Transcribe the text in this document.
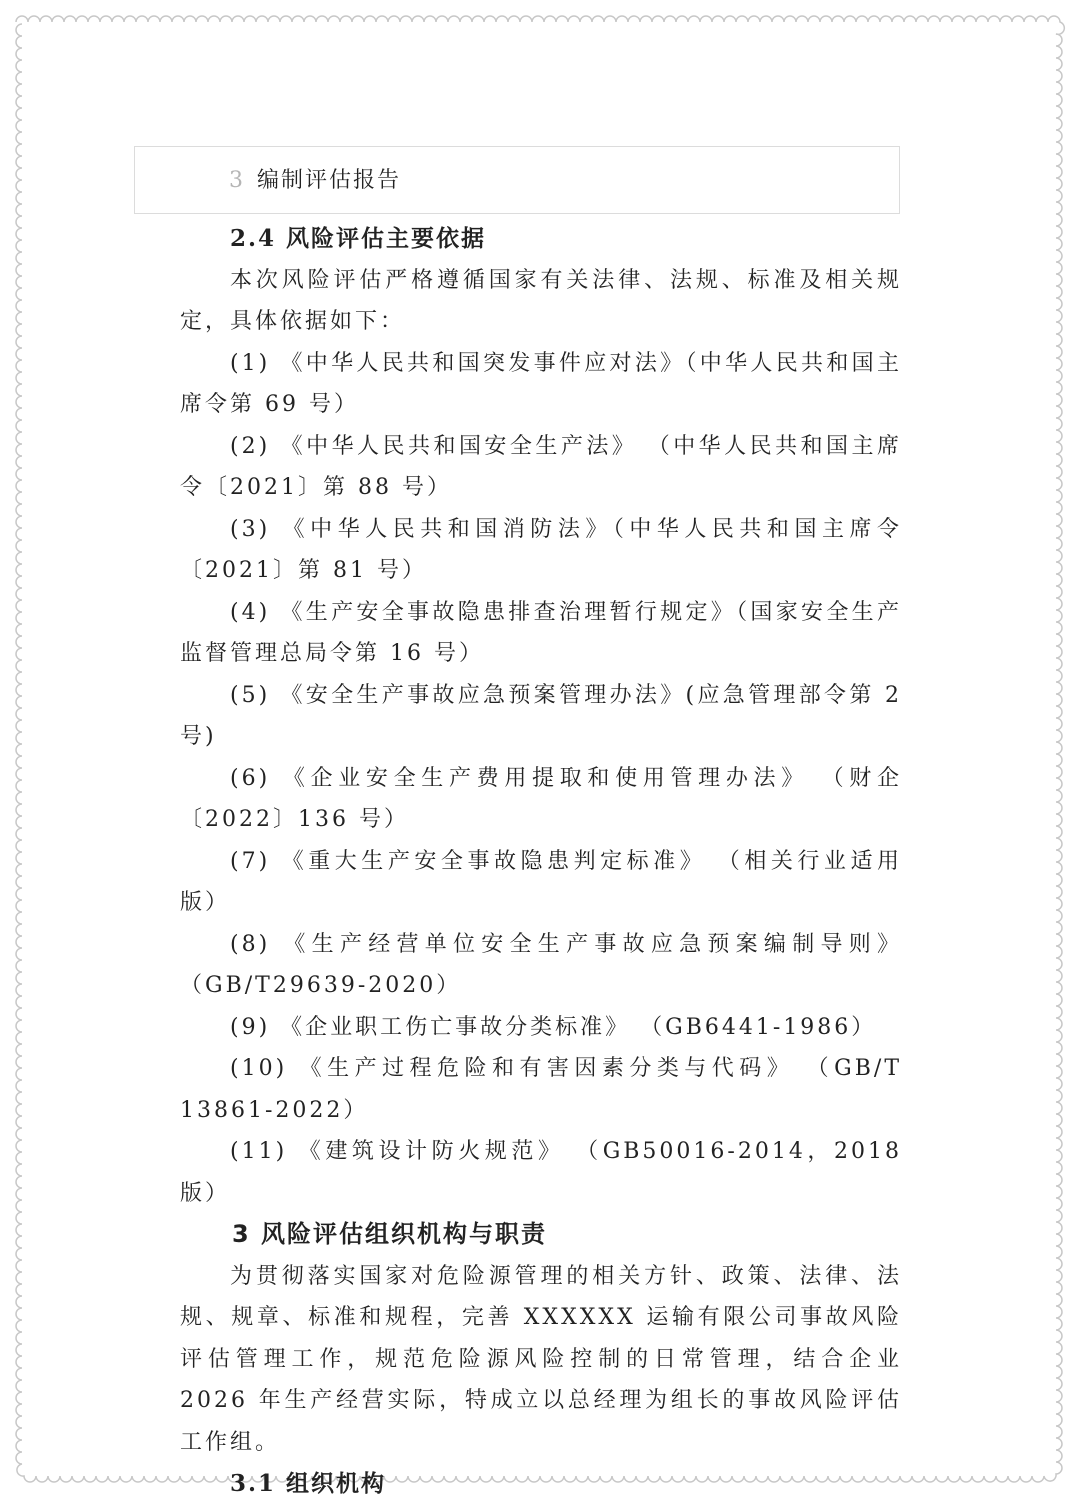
3 编制评估报告

2.4 风险评估主要依据

本次风险评估严格遵循国家有关法律、法规、标准及相关规定，具体依据如下：

(1) 《中华人民共和国突发事件应对法》（中华人民共和国主席令第 69 号）

(2) 《中华人民共和国安全生产法》 （中华人民共和国主席令〔2021〕第 88 号）

(3) 《中华人民共和国消防法》（中华人民共和国主席令〔2021〕第 81 号）

(4) 《生产安全事故隐患排查治理暂行规定》（国家安全生产监督管理总局令第 16 号）

(5) 《安全生产事故应急预案管理办法》(应急管理部令第 2 号)

(6) 《企业安全生产费用提取和使用管理办法》 （财企〔2022〕136 号）

(7) 《重大生产安全事故隐患判定标准》 （相关行业适用版）

(8) 《生产经营单位安全生产事故应急预案编制导则》 （GB/T29639-2020）

(9) 《企业职工伤亡事故分类标准》 （GB6441-1986）

(10) 《生产过程危险和有害因素分类与代码》 （GB/T 13861-2022）

(11) 《建筑设计防火规范》 （GB50016-2014，2018 版）

3 风险评估组织机构与职责

为贯彻落实国家对危险源管理的相关方针、政策、法律、法规、规章、标准和规程，完善 XXXXXX 运输有限公司事故风险评估管理工作，规范危险源风险控制的日常管理，结合企业 2026 年生产经营实际，特成立以总经理为组长的事故风险评估工作组。

3.1 组织机构
